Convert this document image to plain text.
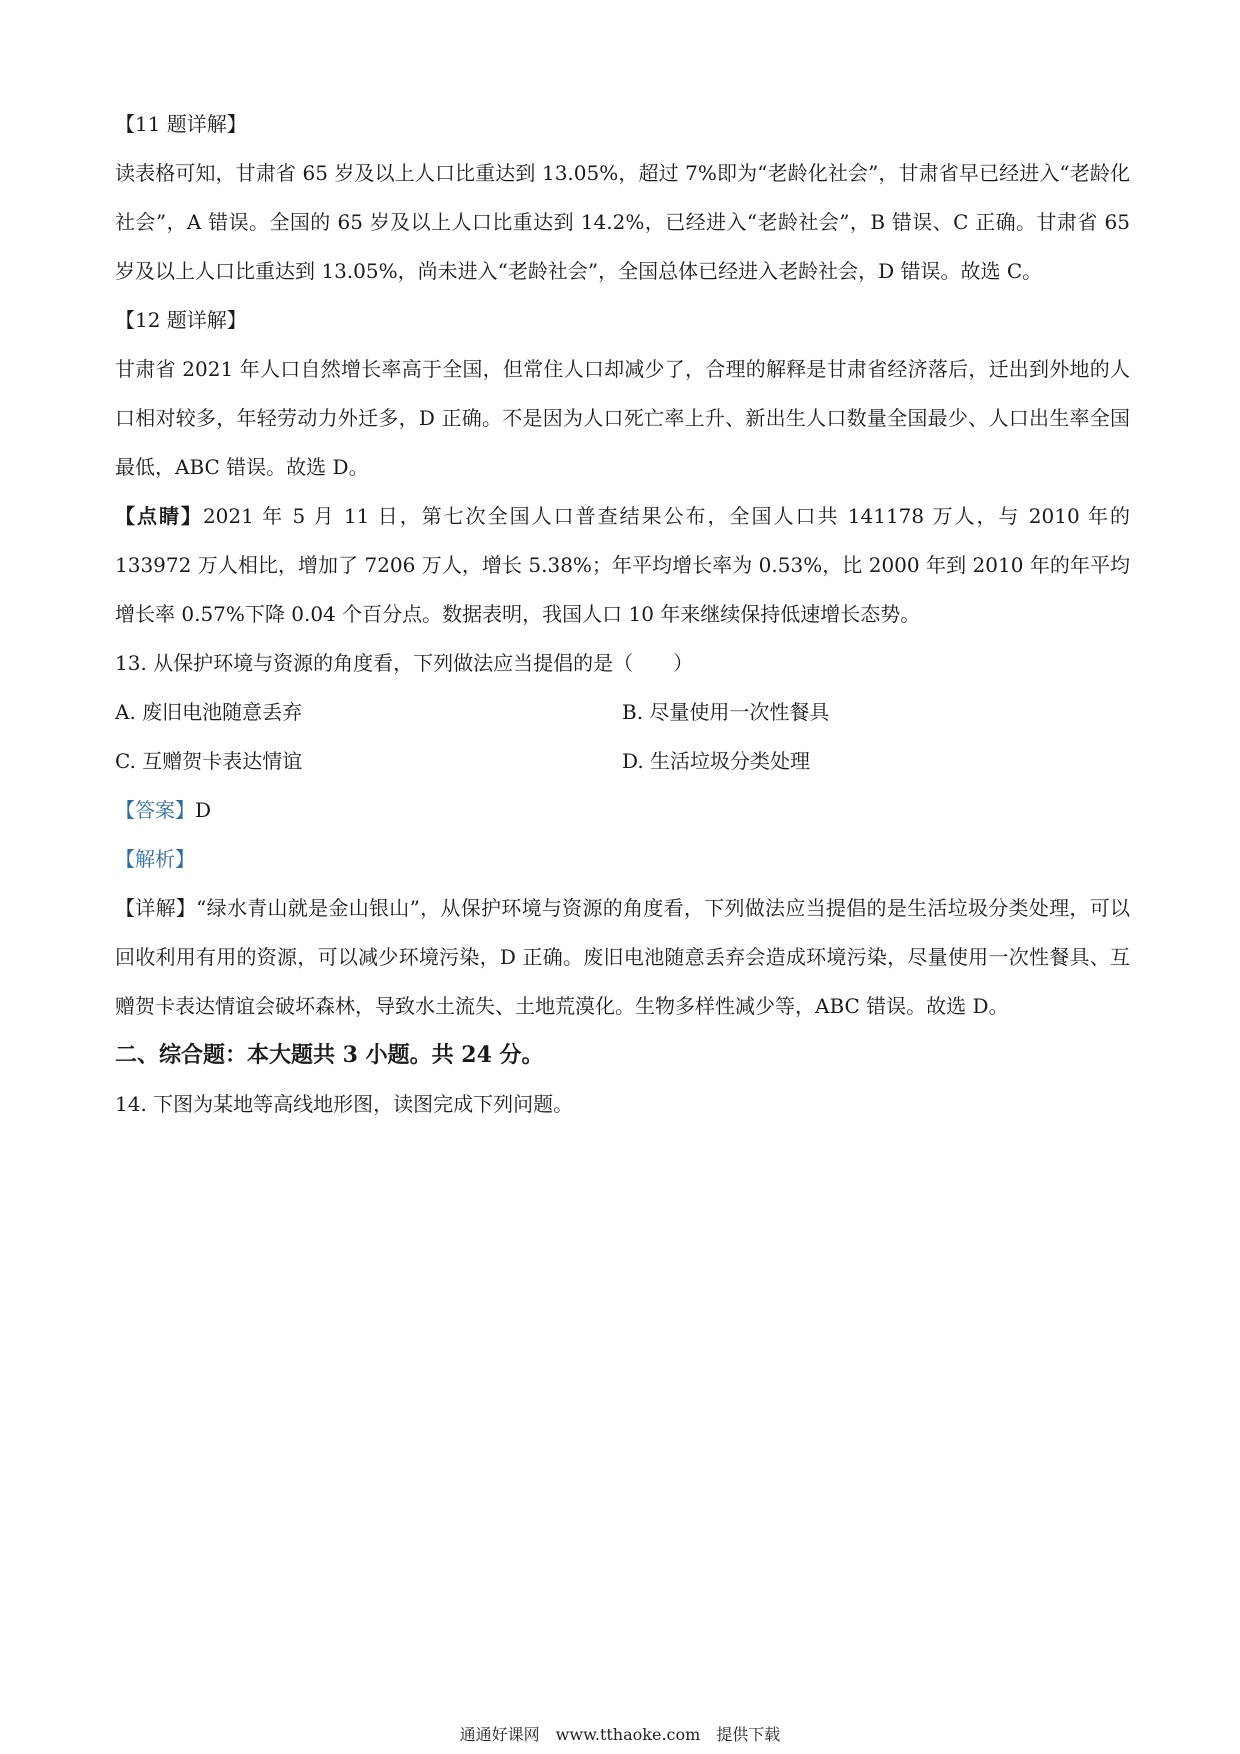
【11 题详解】

读表格可知，甘肃省 65 岁及以上人口比重达到 13.05%，超过 7%即为“老龄化社会”，甘肃省早已经进入“老龄化社会”，A 错误。全国的 65 岁及以上人口比重达到 14.2%，已经进入“老龄社会”，B 错误、C 正确。甘肃省 65 岁及以上人口比重达到 13.05%，尚未进入“老龄社会”，全国总体已经进入老龄社会，D 错误。故选 C。

【12 题详解】

甘肃省 2021 年人口自然增长率高于全国，但常住人口却减少了，合理的解释是甘肃省经济落后，迁出到外地的人口相对较多，年轻劳动力外迁多，D 正确。不是因为人口死亡率上升、新出生人口数量全国最少、人口出生率全国最低，ABC 错误。故选 D。

【点睛】2021 年 5 月 11 日，第七次全国人口普查结果公布，全国人口共 141178 万人，与 2010 年的 133972 万人相比，增加了 7206 万人，增长 5.38%；年平均增长率为 0.53%，比 2000 年到 2010 年的年平均增长率 0.57%下降 0.04 个百分点。数据表明，我国人口 10 年来继续保持低速增长态势。

13. 从保护环境与资源的角度看，下列做法应当提倡的是（　　）

A. 废旧电池随意丢弃	B. 尽量使用一次性餐具
C. 互赠贺卡表达情谊	D. 生活垃圾分类处理

【答案】D

【解析】

【详解】“绿水青山就是金山银山”，从保护环境与资源的角度看，下列做法应当提倡的是生活垃圾分类处理，可以回收利用有用的资源，可以减少环境污染，D 正确。废旧电池随意丢弃会造成环境污染，尽量使用一次性餐具、互赠贺卡表达情谊会破坏森林，导致水土流失、土地荒漠化。生物多样性减少等，ABC 错误。故选 D。

二、综合题：本大题共 3 小题。共 24 分。

14. 下图为某地等高线地形图，读图完成下列问题。

通通好课网　www.tthaoke.com　提供下载
